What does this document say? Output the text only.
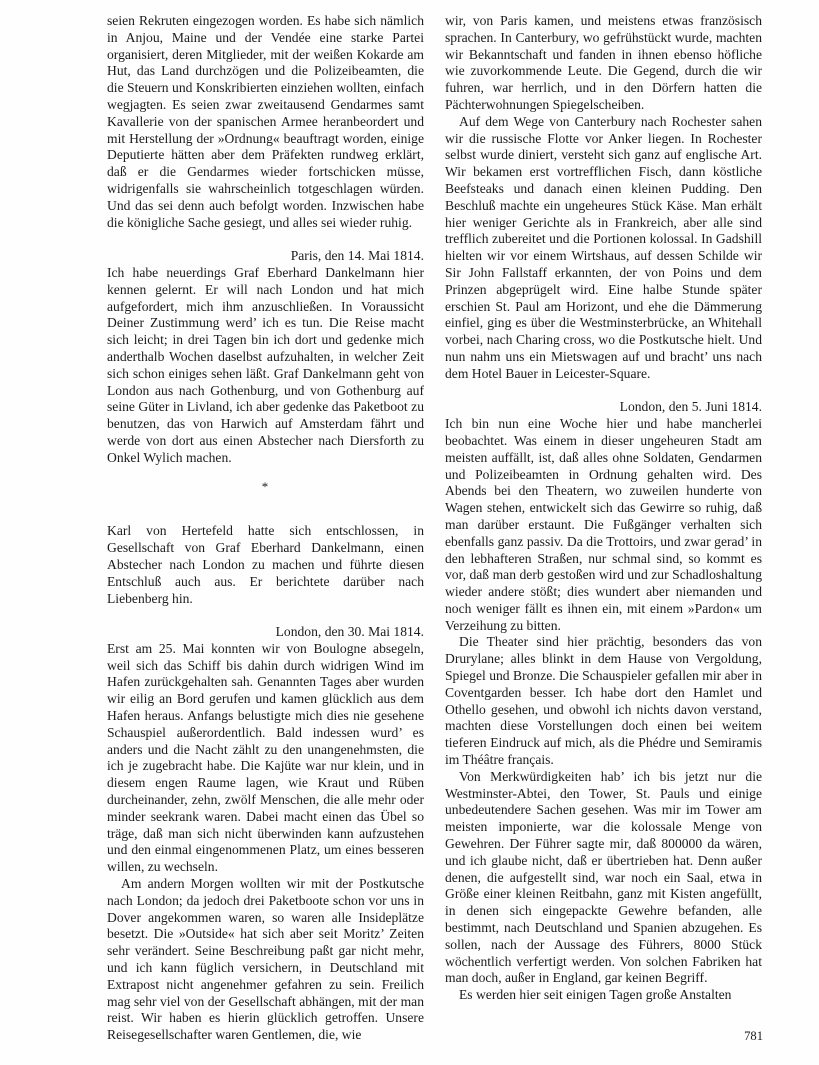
seien Rekruten eingezogen worden. Es habe sich nämlich in Anjou, Maine und der Vendée eine starke Partei organisiert, deren Mitglieder, mit der weißen Kokarde am Hut, das Land durchzögen und die Polizeibeamten, die die Steuern und Konskribierten einziehen wollten, einfach wegjagten. Es seien zwar zweitausend Gendarmes samt Kavallerie von der spanischen Armee heranbeordert und mit Herstellung der »Ordnung« beauftragt worden, einige Deputierte hätten aber dem Präfekten rundweg erklärt, daß er die Gendarmes wieder fortschicken müsse, widrigenfalls sie wahrscheinlich totgeschlagen würden. Und das sei denn auch befolgt worden. Inzwischen habe die königliche Sache gesiegt, und alles sei wieder ruhig.

Paris, den 14. Mai 1814.

Ich habe neuerdings Graf Eberhard Dankelmann hier kennen gelernt. Er will nach London und hat mich aufgefordert, mich ihm anzuschließen. In Voraussicht Deiner Zustimmung werd’ ich es tun. Die Reise macht sich leicht; in drei Tagen bin ich dort und gedenke mich anderthalb Wochen daselbst aufzuhalten, in welcher Zeit sich schon einiges sehen läßt. Graf Dankelmann geht von London aus nach Gothenburg, und von Gothenburg auf seine Güter in Livland, ich aber gedenke das Paketboot zu benutzen, das von Harwich auf Amsterdam fährt und werde von dort aus einen Abstecher nach Diersforth zu Onkel Wylich machen.

*

Karl von Hertefeld hatte sich entschlossen, in Gesellschaft von Graf Eberhard Dankelmann, einen Abstecher nach London zu machen und führte diesen Entschluß auch aus. Er berichtete darüber nach Liebenberg hin.

London, den 30. Mai 1814.

Erst am 25. Mai konnten wir von Boulogne absegeln, weil sich das Schiff bis dahin durch widrigen Wind im Hafen zurückgehalten sah. Genannten Tages aber wurden wir eilig an Bord gerufen und kamen glücklich aus dem Hafen heraus. Anfangs belustigte mich dies nie gesehene Schauspiel außerordentlich. Bald indessen wurd’ es anders und die Nacht zählt zu den unangenehmsten, die ich je zugebracht habe. Die Kajüte war nur klein, und in diesem engen Raume lagen, wie Kraut und Rüben durcheinander, zehn, zwölf Menschen, die alle mehr oder minder seekrank waren. Dabei macht einen das Übel so träge, daß man sich nicht überwinden kann aufzustehen und den einmal eingenommenen Platz, um eines besseren willen, zu wechseln.

Am andern Morgen wollten wir mit der Postkutsche nach London; da jedoch drei Paketboote schon vor uns in Dover angekommen waren, so waren alle Insideplätze besetzt. Die »Outside« hat sich aber seit Moritz’ Zeiten sehr verändert. Seine Beschreibung paßt gar nicht mehr, und ich kann füglich versichern, in Deutschland mit Extrapost nicht angenehmer gefahren zu sein. Freilich mag sehr viel von der Gesellschaft abhängen, mit der man reist. Wir haben es hierin glücklich getroffen. Unsere Reisegesellschafter waren Gentlemen, die, wie

wir, von Paris kamen, und meistens etwas französisch sprachen. In Canterbury, wo gefrühstückt wurde, machten wir Bekanntschaft und fanden in ihnen ebenso höfliche wie zuvorkommende Leute. Die Gegend, durch die wir fuhren, war herrlich, und in den Dörfern hatten die Pächterwohnungen Spiegelscheiben.

Auf dem Wege von Canterbury nach Rochester sahen wir die russische Flotte vor Anker liegen. In Rochester selbst wurde diniert, versteht sich ganz auf englische Art. Wir bekamen erst vortrefflichen Fisch, dann köstliche Beefsteaks und danach einen kleinen Pudding. Den Beschluß machte ein ungeheures Stück Käse. Man erhält hier weniger Gerichte als in Frankreich, aber alle sind trefflich zubereitet und die Portionen kolossal. In Gadshill hielten wir vor einem Wirtshaus, auf dessen Schilde wir Sir John Fallstaff erkannten, der von Poins und dem Prinzen abgeprügelt wird. Eine halbe Stunde später erschien St. Paul am Horizont, und ehe die Dämmerung einfiel, ging es über die Westminsterbrücke, an Whitehall vorbei, nach Charing cross, wo die Postkutsche hielt. Und nun nahm uns ein Mietswagen auf und bracht’ uns nach dem Hotel Bauer in Leicester-Square.

London, den 5. Juni 1814.

Ich bin nun eine Woche hier und habe mancherlei beobachtet. Was einem in dieser ungeheuren Stadt am meisten auffällt, ist, daß alles ohne Soldaten, Gendarmen und Polizeibeamten in Ordnung gehalten wird. Des Abends bei den Theatern, wo zuweilen hunderte von Wagen stehen, entwickelt sich das Gewirre so ruhig, daß man darüber erstaunt. Die Fußgänger verhalten sich ebenfalls ganz passiv. Da die Trottoirs, und zwar gerad’ in den lebhafteren Straßen, nur schmal sind, so kommt es vor, daß man derb gestoßen wird und zur Schadloshaltung wieder andere stößt; dies wundert aber niemanden und noch weniger fällt es ihnen ein, mit einem »Pardon« um Verzeihung zu bitten.

Die Theater sind hier prächtig, besonders das von Drurylane; alles blinkt in dem Hause von Vergoldung, Spiegel und Bronze. Die Schauspieler gefallen mir aber in Coventgarden besser. Ich habe dort den Hamlet und Othello gesehen, und obwohl ich nichts davon verstand, machten diese Vorstellungen doch einen bei weitem tieferen Eindruck auf mich, als die Phédre und Semiramis im Théâtre français.

Von Merkwürdigkeiten hab’ ich bis jetzt nur die Westminster-Abtei, den Tower, St. Pauls und einige unbedeutendere Sachen gesehen. Was mir im Tower am meisten imponierte, war die kolossale Menge von Gewehren. Der Führer sagte mir, daß 800000 da wären, und ich glaube nicht, daß er übertrieben hat. Denn außer denen, die aufgestellt sind, war noch ein Saal, etwa in Größe einer kleinen Reitbahn, ganz mit Kisten angefüllt, in denen sich eingepackte Gewehre befanden, alle bestimmt, nach Deutschland und Spanien abzugehen. Es sollen, nach der Aussage des Führers, 8000 Stück wöchentlich verfertigt werden. Von solchen Fabriken hat man doch, außer in England, gar keinen Begriff.

Es werden hier seit einigen Tagen große Anstalten

781
